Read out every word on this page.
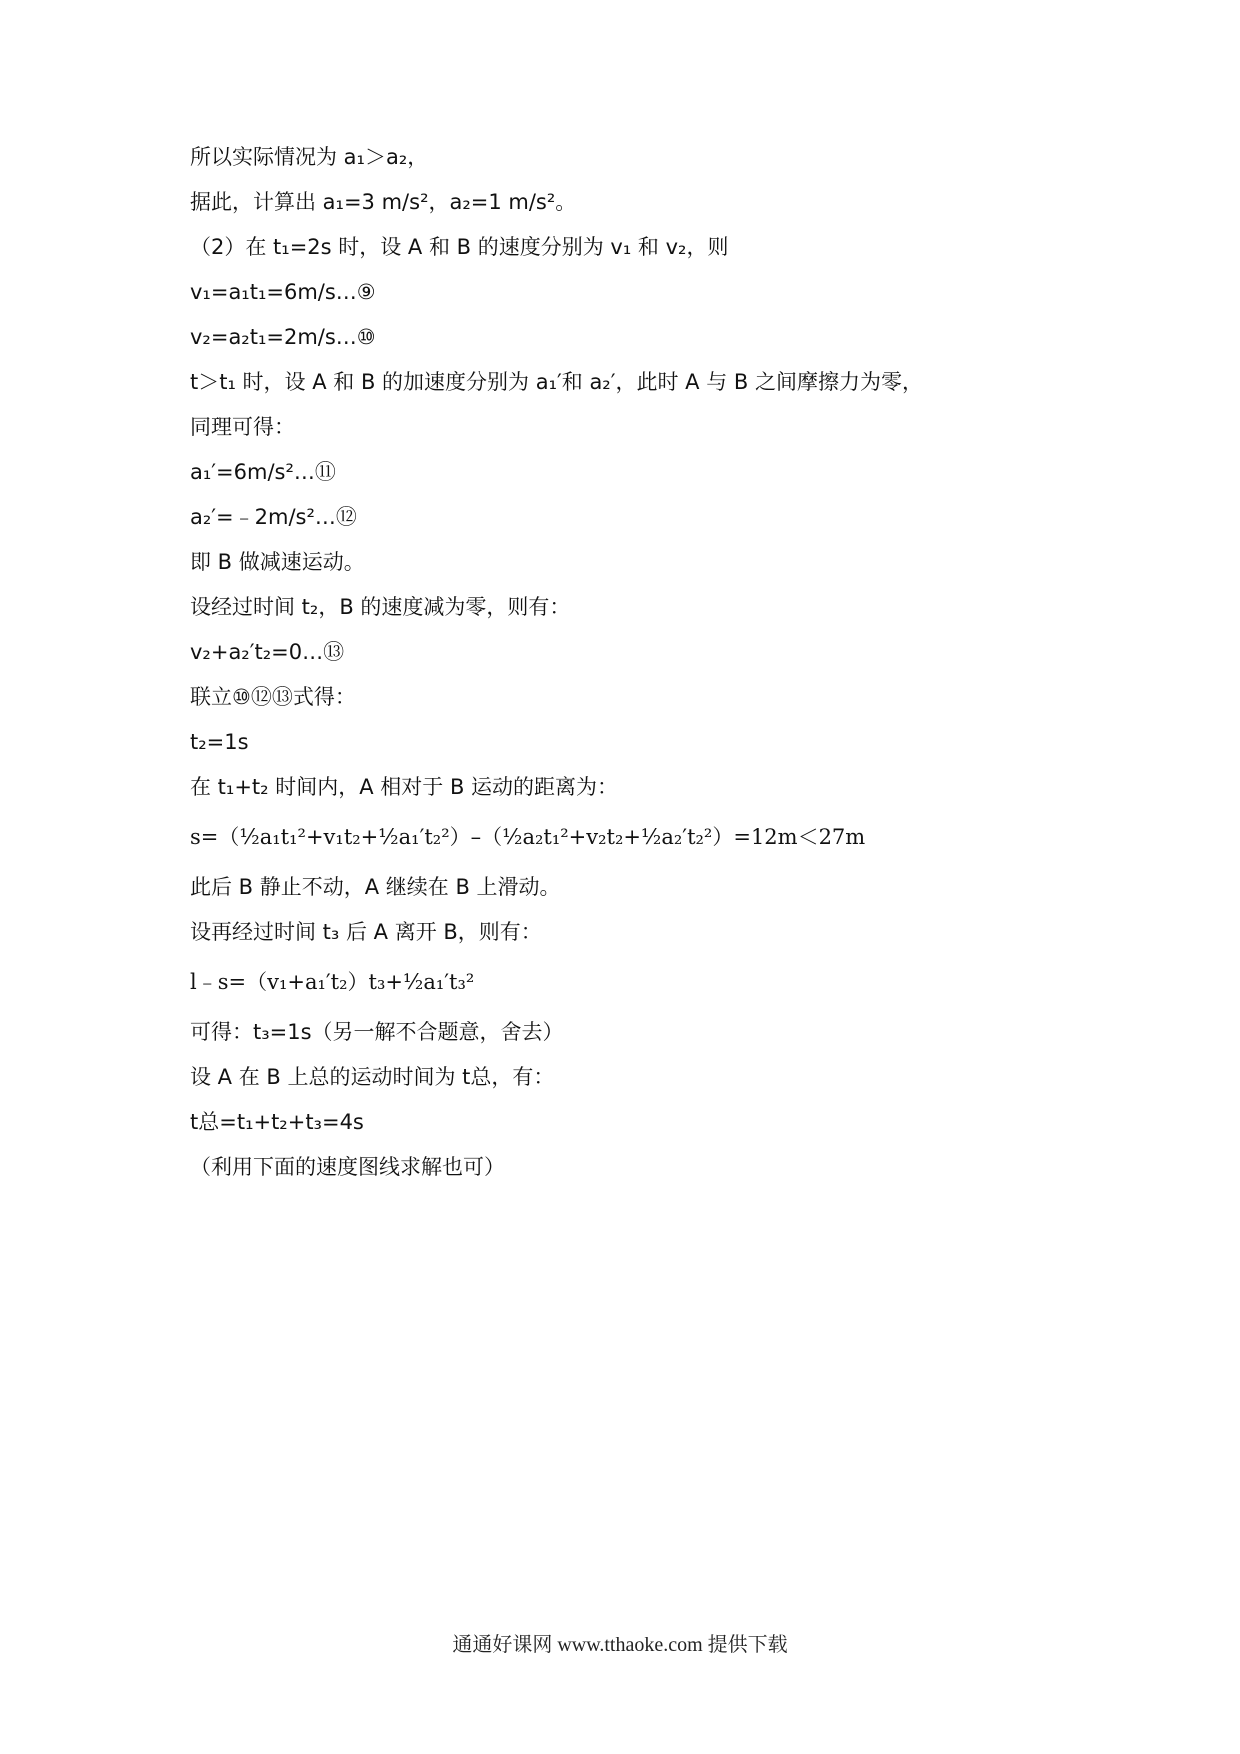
所以实际情况为 a₁＞a₂，
据此，计算出 a₁=3 m/s²，a₂=1 m/s²。
（2）在 t₁=2s 时，设 A 和 B 的速度分别为 v₁ 和 v₂，则
v₁=a₁t₁=6m/s…⑨
v₂=a₂t₁=2m/s…⑩
t＞t₁ 时，设 A 和 B 的加速度分别为 a₁′和 a₂′，此时 A 与 B 之间摩擦力为零，
同理可得：
a₁′=6m/s²…⑪
a₂′=﹣2m/s²…⑫
即 B 做减速运动。
设经过时间 t₂，B 的速度减为零，则有：
v₂+a₂′t₂=0…⑬
联立⑩⑫⑬式得：
t₂=1s
在 t₁+t₂ 时间内，A 相对于 B 运动的距离为：
s=（½a₁t₁²+v₁t₂+½a₁′t₂²）–（½a₂t₁²+v₂t₂+½a₂′t₂²）=12m＜27m
此后 B 静止不动，A 继续在 B 上滑动。
设再经过时间 t₃ 后 A 离开 B，则有：
l﹣s=（v₁+a₁′t₂）t₃+½a₁′t₃²
可得：t₃=1s（另一解不合题意，舍去）
设 A 在 B 上总的运动时间为 t总，有：
t总=t₁+t₂+t₃=4s
（利用下面的速度图线求解也可）
通通好课网 www.tthaoke.com 提供下载
